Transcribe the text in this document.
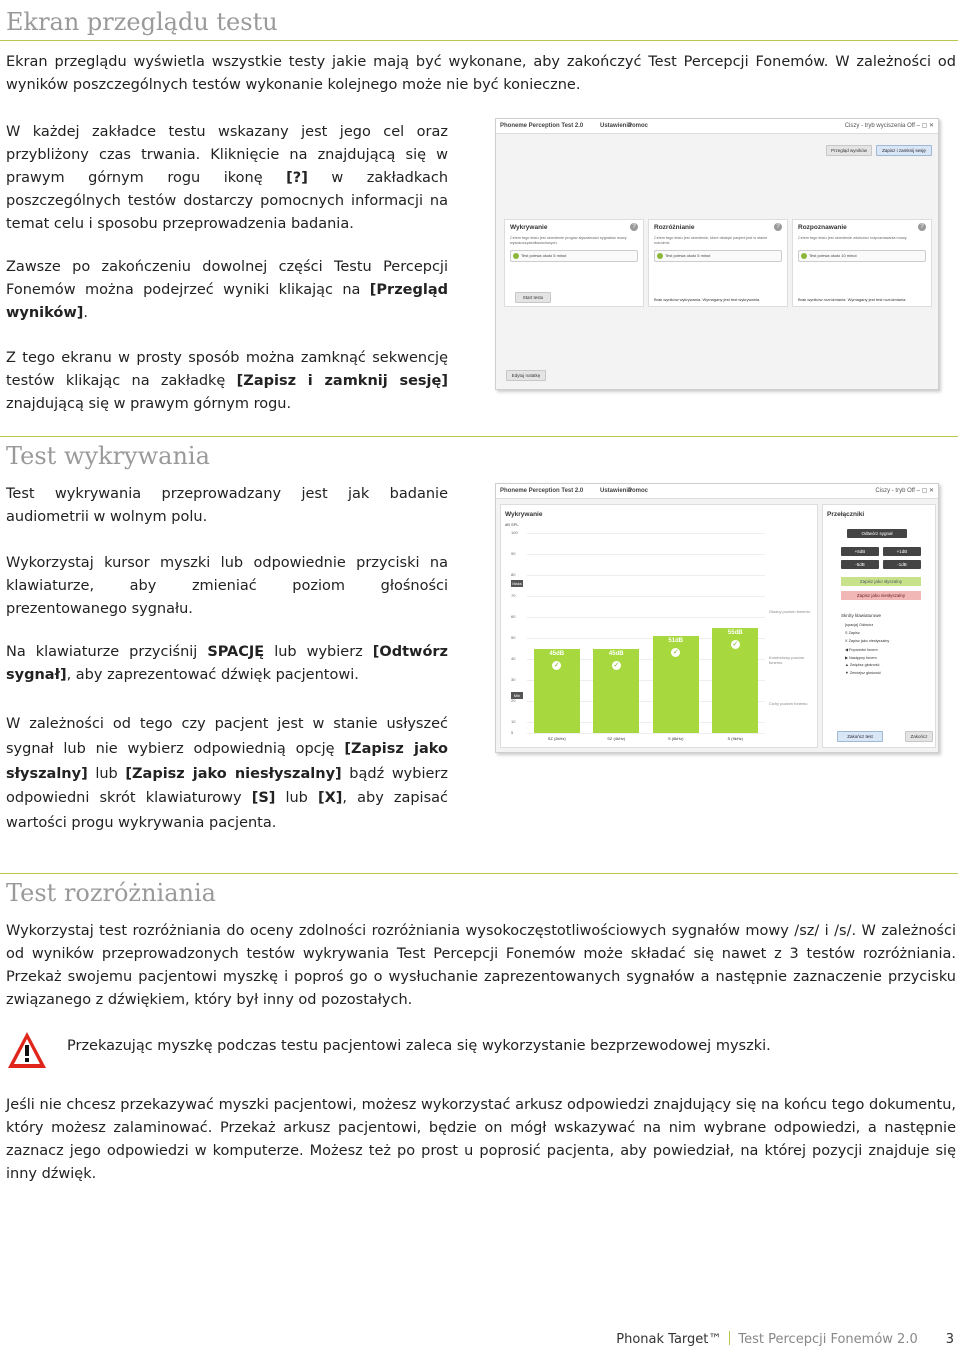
Ekran przeglądu testu

Ekran przeglądu wyświetla wszystkie testy jakie mają być wykonane, aby zakończyć Test Percepcji Fonemów. W zależności od wyników poszczególnych testów wykonanie kolejnego może nie być konieczne.

W każdej zakładce testu wskazany jest jego cel oraz przybliżony czas trwania. Kliknięcie na znajdującą się w prawym górnym rogu ikonę [?] w zakładkach poszczególnych testów dostarczy pomocnych informacji na temat celu i sposobu przeprowadzenia badania.

Zawsze po zakończeniu dowolnej części Testu Percepcji Fonemów można podejrzeć wyniki klikając na [Przegląd wyników].

Z tego ekranu w prosty sposób można zamknąć sekwencję testów klikając na zakładkę [Zapisz i zamknij sesję] znajdującą się w prawym górnym rogu.

Phoneme Perception Test 2.0	Ustawienia
Pomoc	Ciszy - tryb wyciszenia Off – ▢ ✕
Przegląd wyników	Zapisz i zamknij sesję
Wykrywanie	?
Celem tego testu jest określenie progów słyszalności sygnałów mowy wysokoczęstotliwościowych.
Test potrwa około 5 minut
Start testu
Rozróżnianie	?
Celem tego testu jest określenie, które dźwięki pacjent jest w stanie rozróżnić.
Test potrwa około 5 minut
Brak wyników wykrywania. Wymagany jest test wykrywania.
Rozpoznawanie	?
Celem tego testu jest określenie zdolności rozpoznawania mowy.
Test potrwa około 10 minut
Brak wyników rozróżniania. Wymagany jest test rozróżniania.
Edytuj notatkę
Test wykrywania

Test wykrywania przeprowadzany jest jak badanie audiometrii w wolnym polu.

Wykorzystaj kursor myszki lub odpowiednie przyciski na klawiaturze, aby zmieniać poziom głośności prezentowanego sygnału.

Na klawiaturze przyciśnij SPACJĘ lub wybierz [Odtwórz sygnał], aby zaprezentować dźwięk pacjentowi.

W zależności od tego czy pacjent jest w stanie usłyszeć sygnał lub nie wybierz odpowiednią opcję [Zapisz jako słyszalny] lub [Zapisz jako niesłyszalny] bądź wybierz odpowiedni skrót klawiaturowy [S] lub [X], aby zapisać wartości progu wykrywania pacjenta.

Phoneme Perception Test 2.0	Ustawienia
Pomoc	Ciszy - tryb Off – ▢ ✕
Wykrywanie
dB SPL
Maks
Min
Głośny poziom fonemu
Komfortowy poziom fonemu
Cichy poziom fonemu
100
90
80
70
60
50
40
30
20
10
5
45dB
✓
SZ (2kHz)
45dB
✓
SZ (4kHz)
51dB
✓
S (6kHz)
55dB
✓
S (9kHz)
Przełączniki
Odtwórz sygnał
+5dB	+1dB
-5dB	-1dB
Zapisz jako słyszalny
Zapisz jako niesłyszalny
Skróty klawiaturowe
[spacja] Odtwórz
S Zapisz
X Zapisz jako niesłyszalny
◀ Poprzedni fonem
▶ Następny fonem
▲ Zwiększ głośność
▼ Zmniejsz głośność
Zakończ test	Zakończ
Test rozróżniania

Wykorzystaj test rozróżniania do oceny zdolności rozróżniania wysokoczęstotliwościowych sygnałów mowy /sz/ i /s/. W zależności od wyników przeprowadzonych testów wykrywania Test Percepcji Fonemów może składać się nawet z 3 testów rozróżniania. Przekaż swojemu pacjentowi myszkę i poproś go o wysłuchanie zaprezentowanych sygnałów a następnie zaznaczenie przycisku związanego z dźwiękiem, który był inny od pozostałych.

Przekazując myszkę podczas testu pacjentowi zaleca się wykorzystanie bezprzewodowej myszki.

Jeśli nie chcesz przekazywać myszki pacjentowi, możesz wykorzystać arkusz odpowiedzi znajdujący się na końcu tego dokumentu, który możesz zalaminować. Przekaż arkusz pacjentowi, będzie on mógł wskazywać na nim wybrane odpowiedzi, a następnie zaznacz jego odpowiedzi w komputerze. Możesz też po prost u poprosić pacjenta, aby powiedział, na której pozycji znajduje się inny dźwięk.

Phonak Target™ Test Percepcji Fonemów 2.0 3
